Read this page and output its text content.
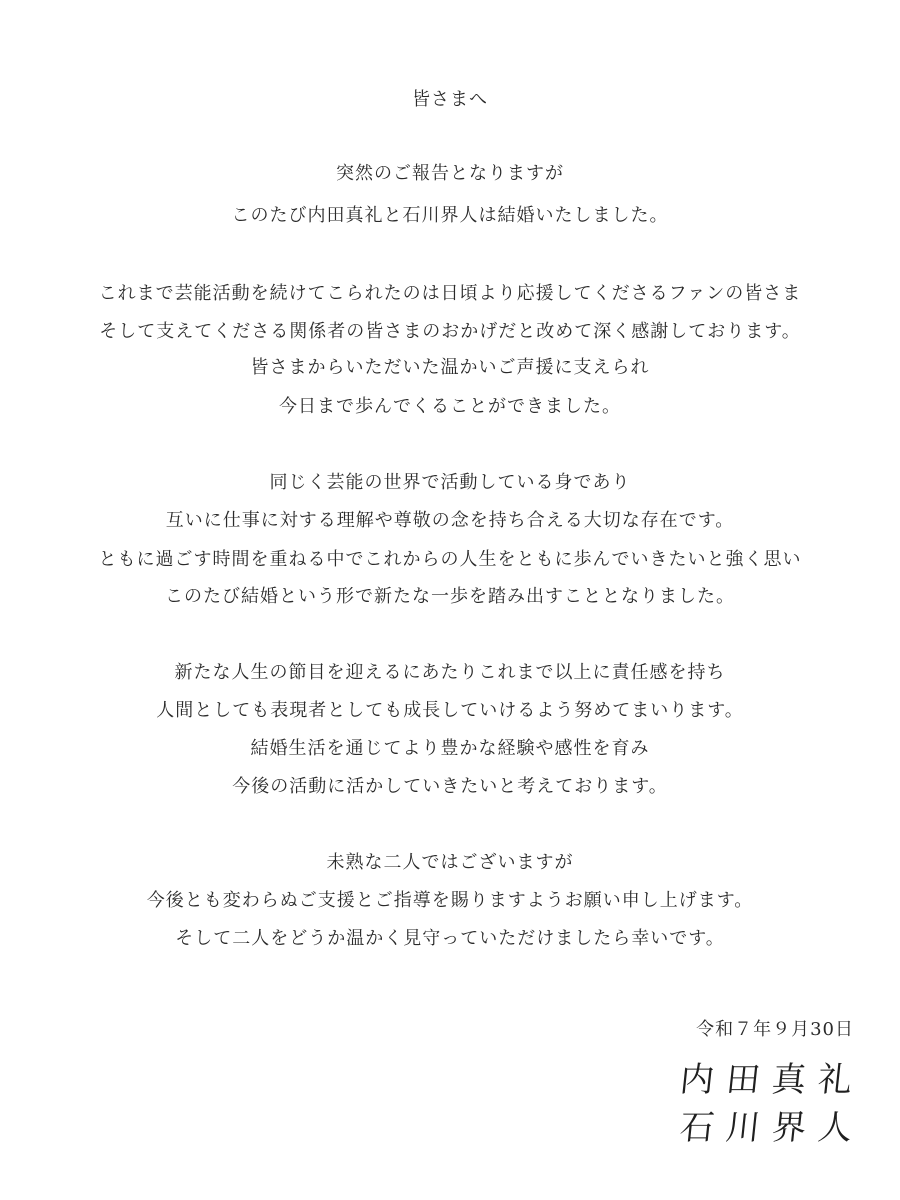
皆さまへ
突然のご報告となりますが
このたび内田真礼と石川界人は結婚いたしました。
これまで芸能活動を続けてこられたのは日頃より応援してくださるファンの皆さま
そして支えてくださる関係者の皆さまのおかげだと改めて深く感謝しております。
皆さまからいただいた温かいご声援に支えられ
今日まで歩んでくることができました。
同じく芸能の世界で活動している身であり
互いに仕事に対する理解や尊敬の念を持ち合える大切な存在です。
ともに過ごす時間を重ねる中でこれからの人生をともに歩んでいきたいと強く思い
このたび結婚という形で新たな一歩を踏み出すこととなりました。
新たな人生の節目を迎えるにあたりこれまで以上に責任感を持ち
人間としても表現者としても成長していけるよう努めてまいります。
結婚生活を通じてより豊かな経験や感性を育み
今後の活動に活かしていきたいと考えております。
未熟な二人ではございますが
今後とも変わらぬご支援とご指導を賜りますようお願い申し上げます。
そして二人をどうか温かく見守っていただけましたら幸いです。
令和７年９月30日
内田真礼
石川界人
